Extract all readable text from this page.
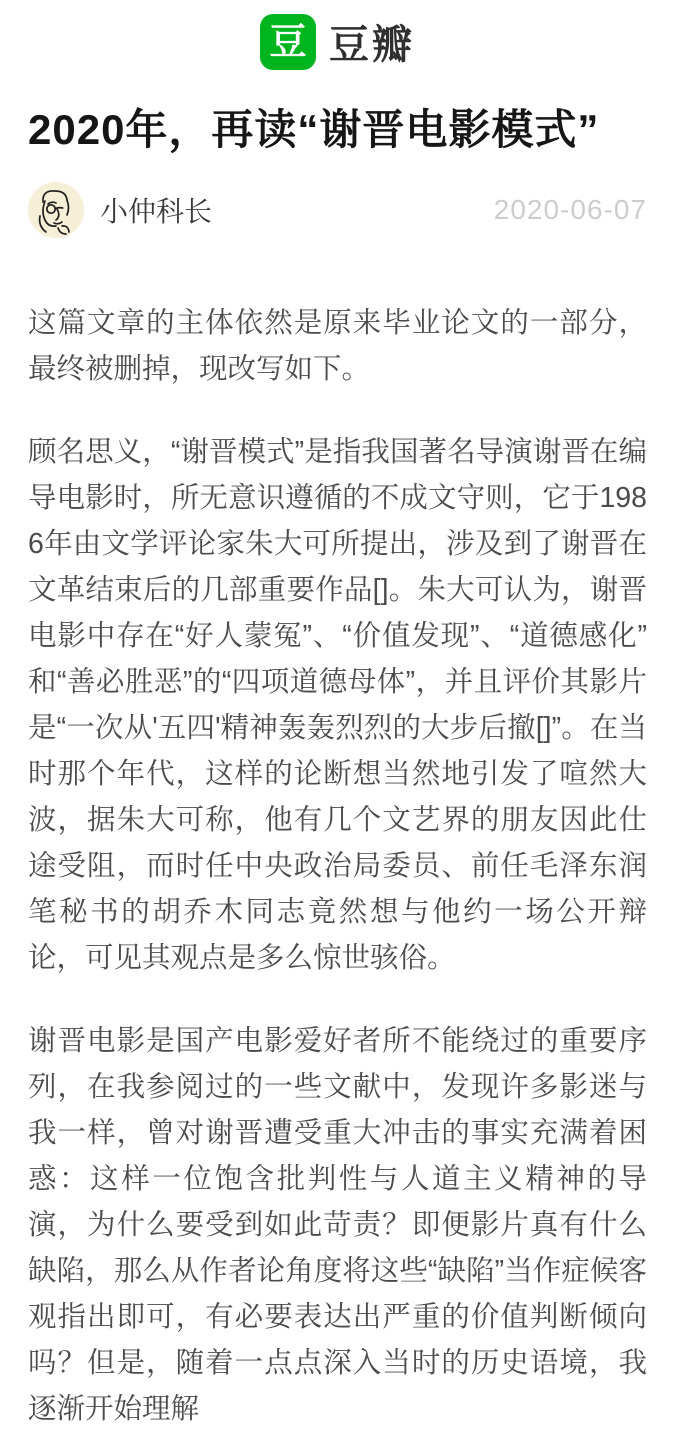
豆 豆瓣
2020年，再读“谢晋电影模式”
小仲科长	2020-06-07

这篇文章的主体依然是原来毕业论文的一部分，最终被删掉，现改写如下。

顾名思义，“谢晋模式”是指我国著名导演谢晋在编导电影时，所无意识遵循的不成文守则，它于1986年由文学评论家朱大可所提出，涉及到了谢晋在文革结束后的几部重要作品[]。朱大可认为，谢晋电影中存在“好人蒙冤”、“价值发现”、“道德感化”和“善必胜恶”的“四项道德母体”，并且评价其影片是“一次从'五四'精神轰轰烈烈的大步后撤[]”。在当时那个年代，这样的论断想当然地引发了喧然大波，据朱大可称，他有几个文艺界的朋友因此仕途受阻，而时任中央政治局委员、前任毛泽东润笔秘书的胡乔木同志竟然想与他约一场公开辩论，可见其观点是多么惊世骇俗。

谢晋电影是国产电影爱好者所不能绕过的重要序列，在我参阅过的一些文献中，发现许多影迷与我一样，曾对谢晋遭受重大冲击的事实充满着困惑：这样一位饱含批判性与人道主义精神的导演，为什么要受到如此苛责？即便影片真有什么缺陷，那么从作者论角度将这些“缺陷”当作症候客观指出即可，有必要表达出严重的价值判断倾向吗？但是，随着一点点深入当时的历史语境，我逐渐开始理解
